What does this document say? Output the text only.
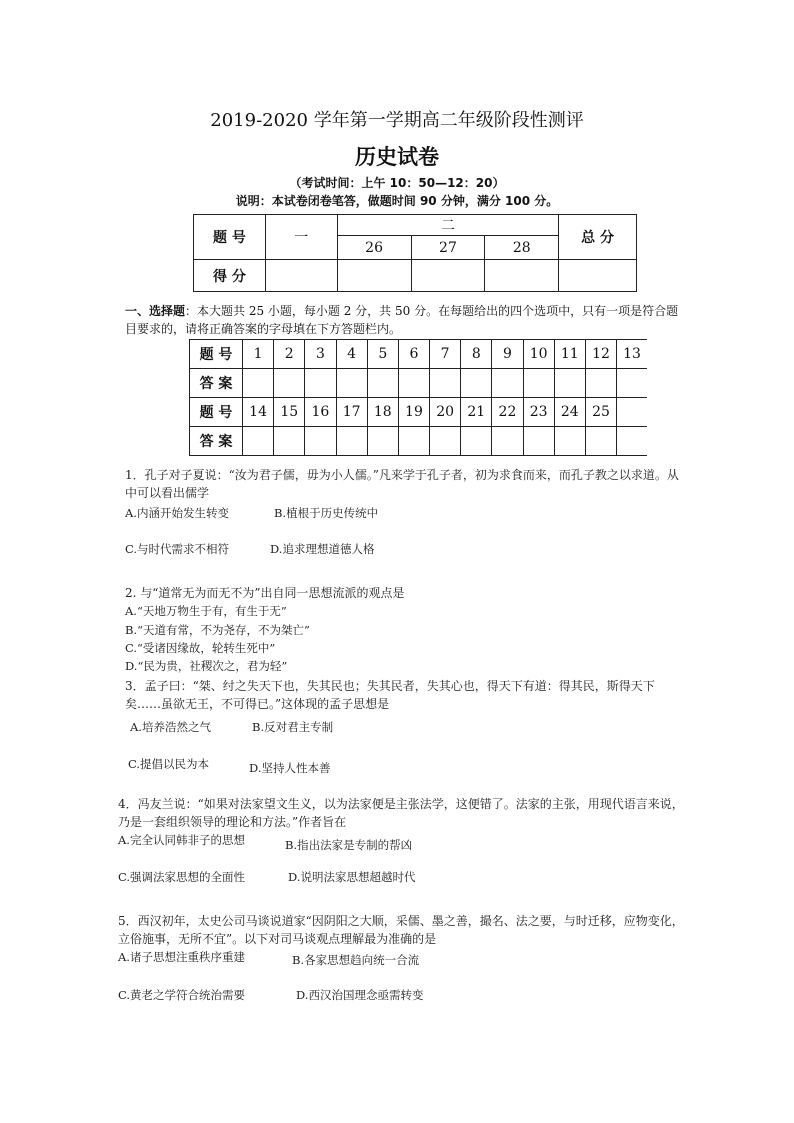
2019-2020 学年第一学期高二年级阶段性测评
历史试卷
（考试时间：上午 10：50—12：20）
说明：本试卷闭卷笔答，做题时间 90 分钟，满分 100 分。
题 号	一	二			总 分
		26	27	28	
得 分					
一、选择题：本大题共 25 小题，每小题 2 分，共 50 分。在每题给出的四个选项中，只有一项是符合题目要求的，请将正确答案的字母填在下方答题栏内。
题 号	1	2	3	4	5	6	7	8	9	10	11	12	13
答 案													
题 号	14	15	16	17	18	19	20	21	22	23	24	25	
答 案													
1．孔子对子夏说：“汝为君子儒，毋为小人儒。”凡来学于孔子者，初为求食而来，而孔子教之以求道。从中可以看出儒学
A.内涵开始发生转变	B.植根于历史传统中
C.与时代需求不相符	D.追求理想道德人格
2. 与“道常无为而无不为”出自同一思想流派的观点是
A.“天地万物生于有，有生于无”
B.“天道有常，不为尧存，不为桀亡”
C.“受诸因缘故，轮转生死中”
D.“民为贵，社稷次之，君为轻”
3．孟子曰：“桀、纣之失天下也，失其民也；失其民者，失其心也，得天下有道：得其民，斯得天下矣……虽欲无王，不可得已。”这体现的孟子思想是
A.培养浩然之气	B.反对君主专制
C.提倡以民为本	D.坚持人性本善
4．冯友兰说：“如果对法家望文生义，以为法家便是主张法学，这便错了。法家的主张，用现代语言来说，乃是一套组织领导的理论和方法。”作者旨在
A.完全认同韩非子的思想	B.指出法家是专制的帮凶
C.强调法家思想的全面性	D.说明法家思想超越时代
5．西汉初年，太史公司马谈说道家“因阴阳之大顺，采儒、墨之善，撮名、法之要，与时迁移，应物变化，立俗施事，无所不宜”。以下对司马谈观点理解最为准确的是
A.诸子思想注重秩序重建	B.各家思想趋向统一合流
C.黄老之学符合统治需要	D.西汉治国理念亟需转变
